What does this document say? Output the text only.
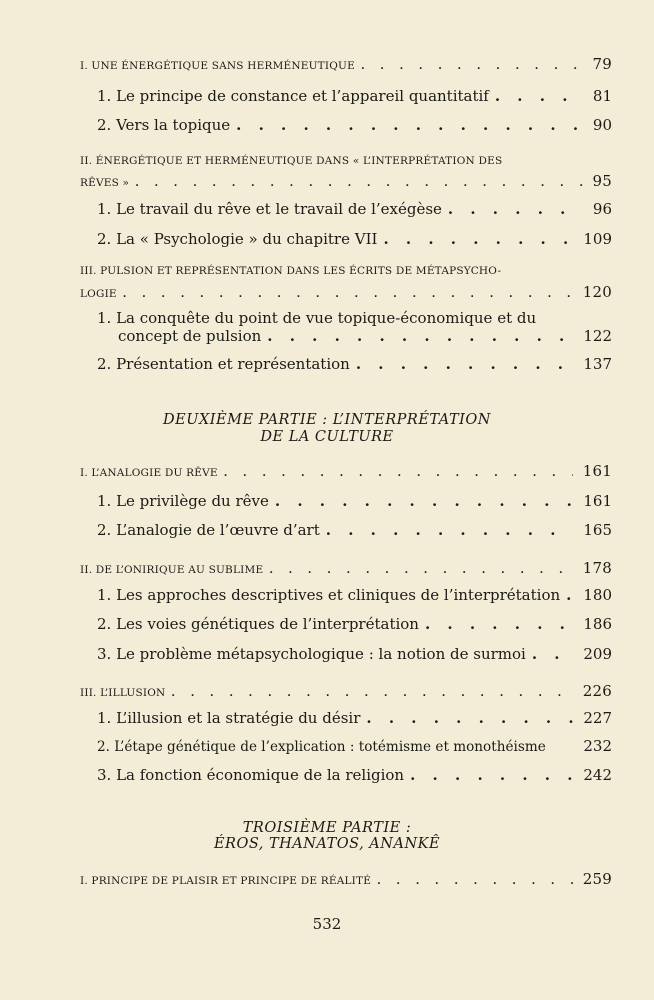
I. UNE ÉNERGÉTIQUE SANS HERMÉNEUTIQUE . . .	79
1. Le principe de constance et l’appareil quantitatif . . .	81
2. Vers la topique . . .	90
II. ÉNERGÉTIQUE ET HERMÉNEUTIQUE DANS « L’INTERPRÉTATION DES
RÊVES » . . .	95
1. Le travail du rêve et le travail de l’exégèse . . .	96
2. La « Psychologie » du chapitre VII . . .	109
III. PULSION ET REPRÉSENTATION DANS LES ÉCRITS DE MÉTAPSYCHO-
LOGIE . . .	120
1. La conquête du point de vue topique-économique et du
concept de pulsion . . .	122
2. Présentation et représentation . . .	137
DEUXIÈME PARTIE : L’INTERPRÉTATION
DE LA CULTURE
I. L’ANALOGIE DU RÊVE . . .	161
1. Le privilège du rêve . . .	161
2. L’analogie de l’œuvre d’art . . .	165
II. DE L’ONIRIQUE AU SUBLIME . . .	178
1. Les approches descriptives et cliniques de l’interprétation . . . 180
2. Les voies génétiques de l’interprétation . . .	186
3. Le problème métapsychologique : la notion de surmoi . . .	209
III. L’ILLUSION . . .	226
1. L’illusion et la stratégie du désir . . .	227
2. L’étape génétique de l’explication : totémisme et monothéisme	232
3. La fonction économique de la religion . . .	242
TROISIÈME PARTIE :
ÉROS, THANATOS, ANANKÊ
I. PRINCIPE DE PLAISIR ET PRINCIPE DE RÉALITÉ . . .	259
532
